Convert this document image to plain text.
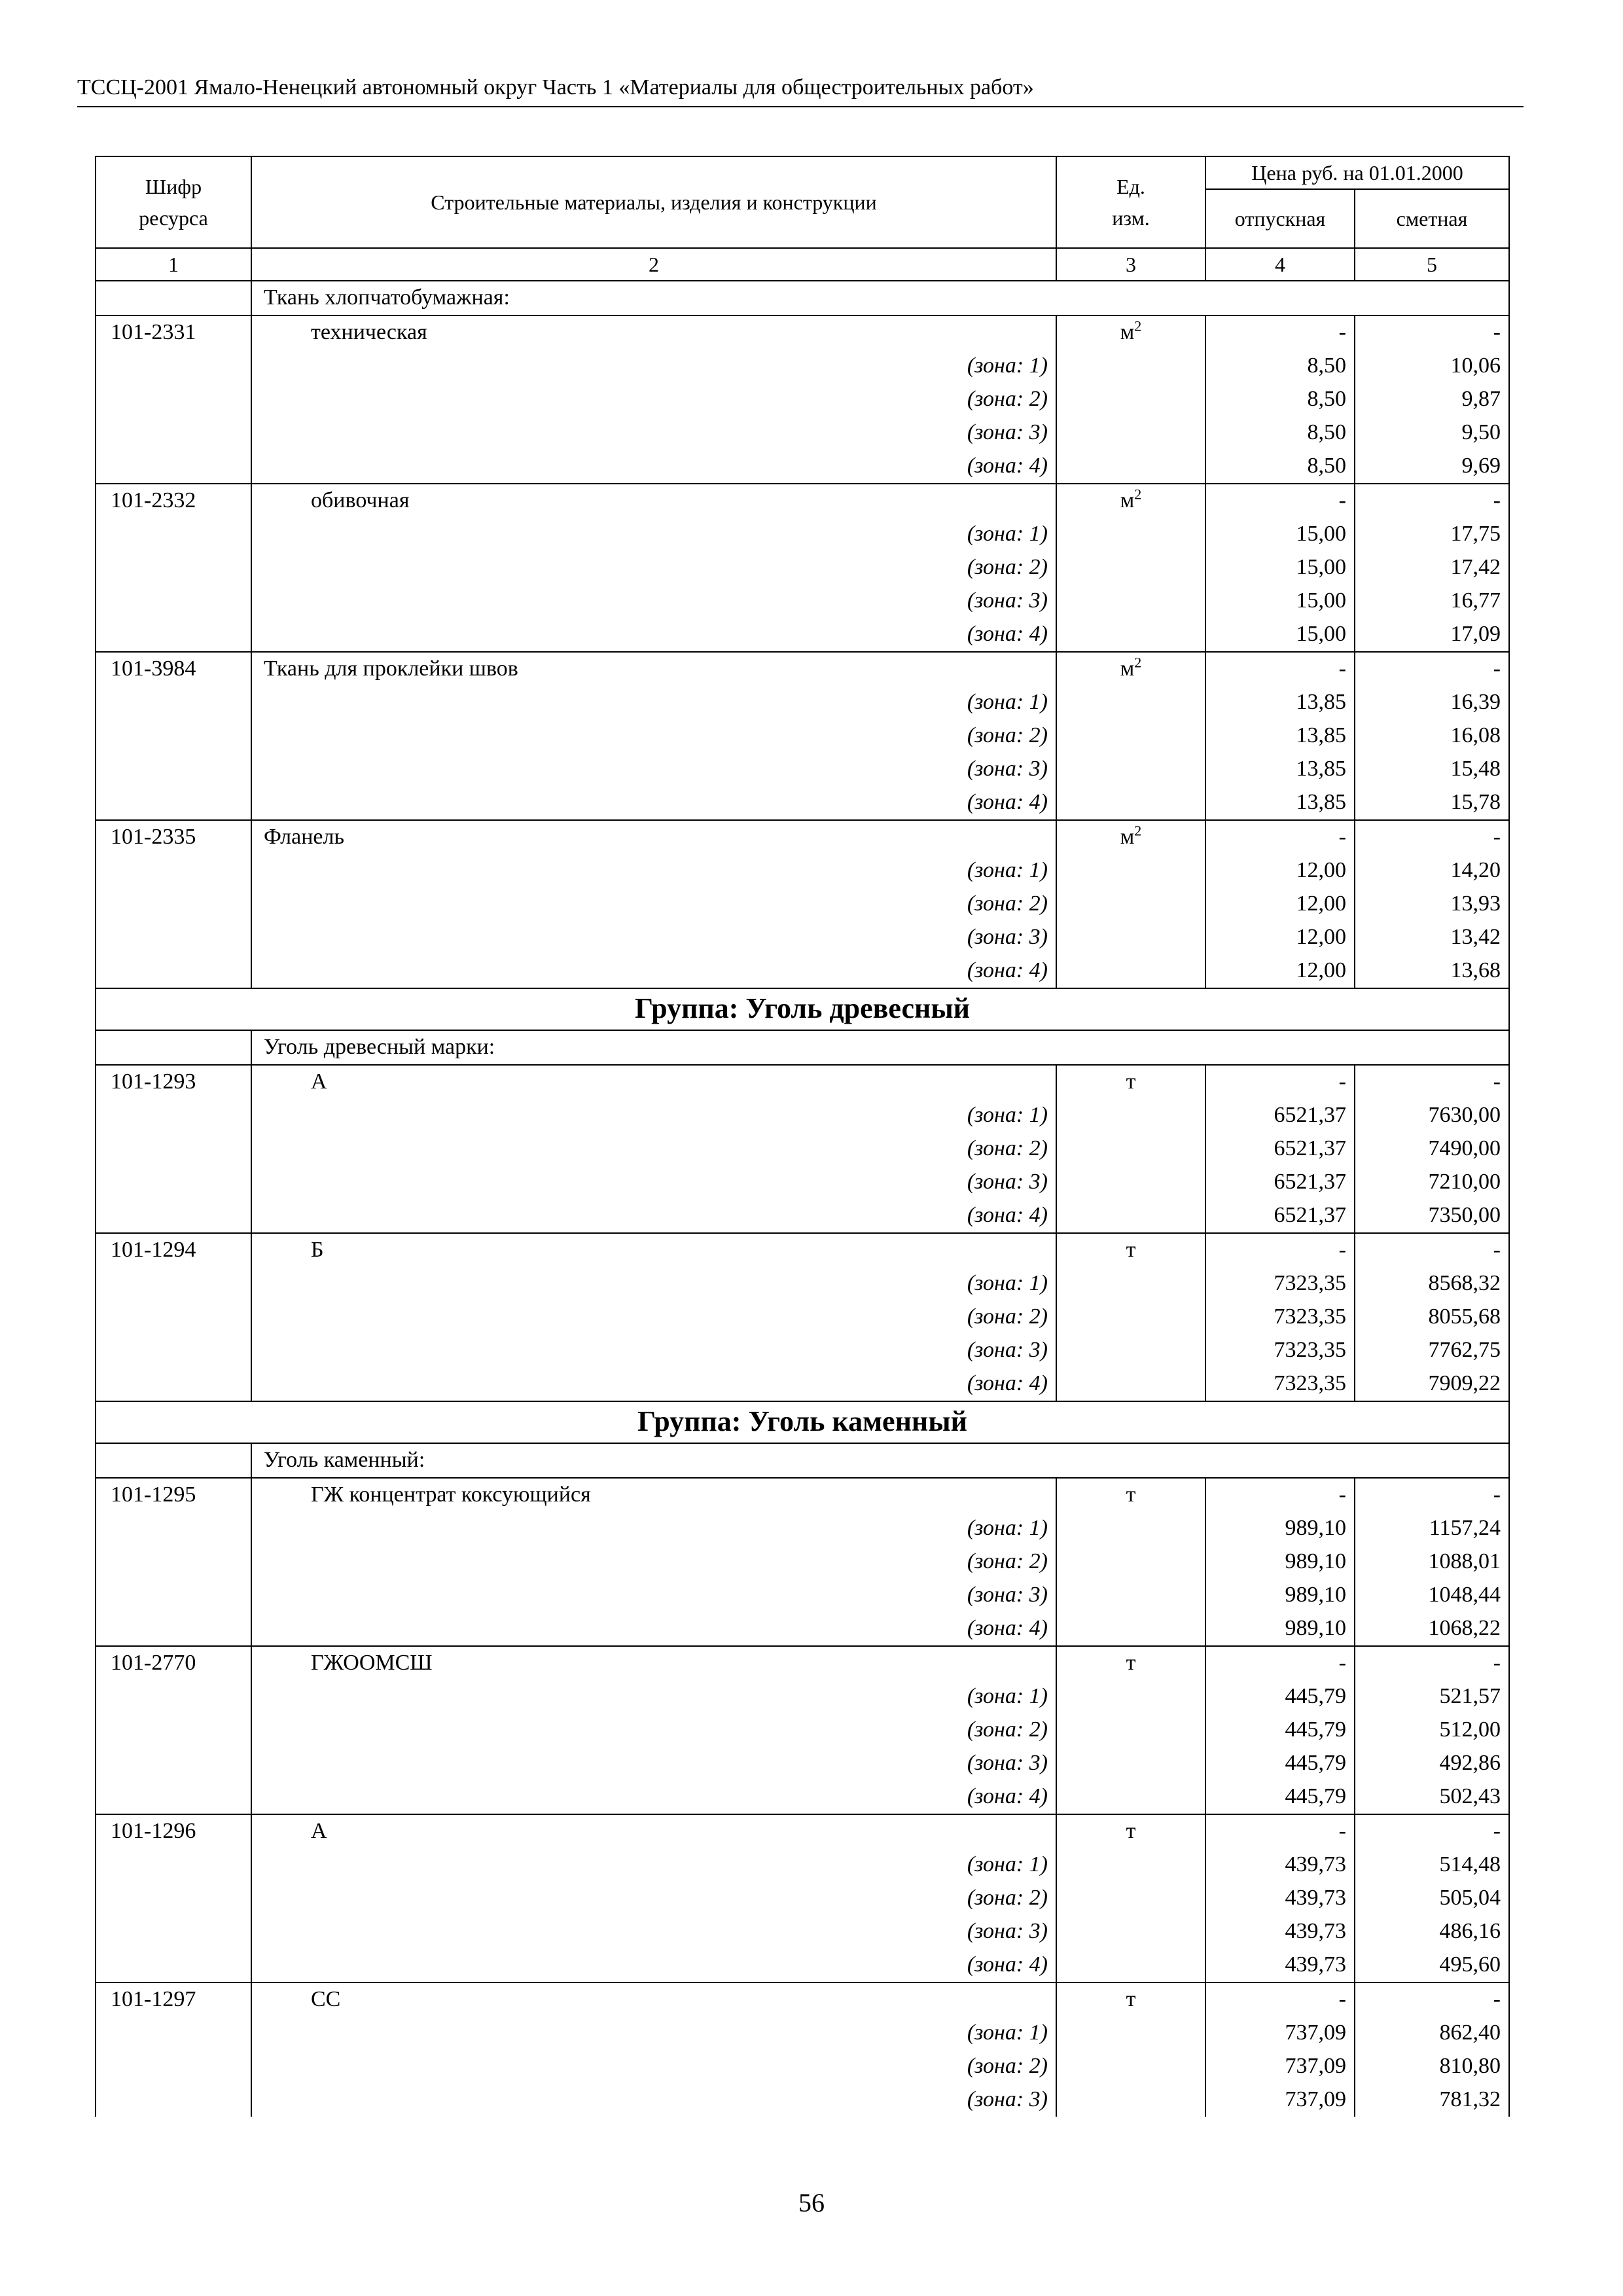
ТССЦ-2001 Ямало-Ненецкий автономный округ Часть 1 «Материалы для общестроительных работ»
Шифр ресурса	Строительные материалы, изделия и конструкции	Ед. изм.	Цена руб. на 01.01.2000	
			отпускная	сметная
1	2	3	4	5
	Ткань хлопчатобумажная:			
101-2331	техническая	$м^2$	-	-
	(зона: 1)		8,50	10,06
	(зона: 2)		8,50	9,87
	(зона: 3)		8,50	9,50
	(зона: 4)		8,50	9,69
101-2332	обивочная	$м^2$	-	-
	(зона: 1)		15,00	17,75
	(зона: 2)		15,00	17,42
	(зона: 3)		15,00	16,77
	(зона: 4)		15,00	17,09
101-3984	Ткань для проклейки швов	$м^2$	-	-
	(зона: 1)		13,85	16,39
	(зона: 2)		13,85	16,08
	(зона: 3)		13,85	15,48
	(зона: 4)		13,85	15,78
101-2335	Фланель	$м^2$	-	-
	(зона: 1)		12,00	14,20
	(зона: 2)		12,00	13,93
	(зона: 3)		12,00	13,42
	(зона: 4)		12,00	13,68
Группа: Уголь древесный				
	Уголь древесный марки:			
101-1293	А	т	-	-
	(зона: 1)		6521,37	7630,00
	(зона: 2)		6521,37	7490,00
	(зона: 3)		6521,37	7210,00
	(зона: 4)		6521,37	7350,00
101-1294	Б	т	-	-
	(зона: 1)		7323,35	8568,32
	(зона: 2)		7323,35	8055,68
	(зона: 3)		7323,35	7762,75
	(зона: 4)		7323,35	7909,22
Группа: Уголь каменный				
	Уголь каменный:			
101-1295	ГЖ концентрат коксующийся	т	-	-
	(зона: 1)		989,10	1157,24
	(зона: 2)		989,10	1088,01
	(зона: 3)		989,10	1048,44
	(зона: 4)		989,10	1068,22
101-2770	ГЖООМСШ	т	-	-
	(зона: 1)		445,79	521,57
	(зона: 2)		445,79	512,00
	(зона: 3)		445,79	492,86
	(зона: 4)		445,79	502,43
101-1296	А	т	-	-
	(зона: 1)		439,73	514,48
	(зона: 2)		439,73	505,04
	(зона: 3)		439,73	486,16
	(зона: 4)		439,73	495,60
101-1297	СС	т	-	-
	(зона: 1)		737,09	862,40
	(зона: 2)		737,09	810,80
	(зона: 3)		737,09	781,32
56
